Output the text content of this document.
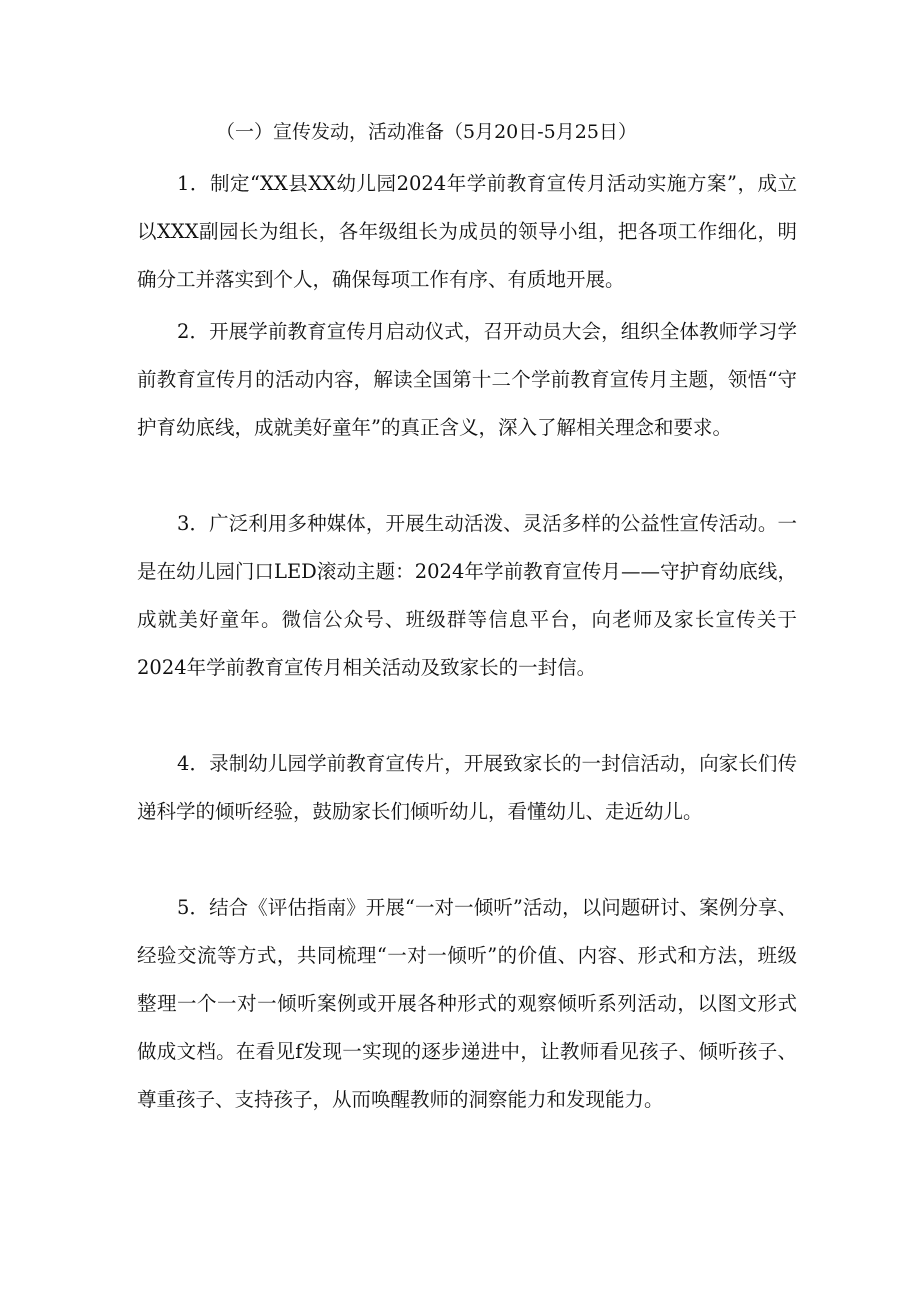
（一）宣传发动，活动准备（5月20日-5月25日）

1．制定“XX县XX幼儿园2024年学前教育宣传月活动实施方案”，成立以XXX副园长为组长，各年级组长为成员的领导小组，把各项工作细化，明确分工并落实到个人，确保每项工作有序、有质地开展。

2．开展学前教育宣传月启动仪式，召开动员大会，组织全体教师学习学前教育宣传月的活动内容，解读全国第十二个学前教育宣传月主题，领悟“守护育幼底线，成就美好童年”的真正含义，深入了解相关理念和要求。

3．广泛利用多种媒体，开展生动活泼、灵活多样的公益性宣传活动。一是在幼儿园门口LED滚动主题：2024年学前教育宣传月——守护育幼底线，成就美好童年。微信公众号、班级群等信息平台，向老师及家长宣传关于2024年学前教育宣传月相关活动及致家长的一封信。

4．录制幼儿园学前教育宣传片，开展致家长的一封信活动，向家长们传递科学的倾听经验，鼓励家长们倾听幼儿，看懂幼儿、走近幼儿。

5．结合《评估指南》开展“一对一倾听”活动，以问题研讨、案例分享、经验交流等方式，共同梳理“一对一倾听”的价值、内容、形式和方法，班级整理一个一对一倾听案例或开展各种形式的观察倾听系列活动，以图文形式做成文档。在看见f发现一实现的逐步递进中，让教师看见孩子、倾听孩子、尊重孩子、支持孩子，从而唤醒教师的洞察能力和发现能力。
